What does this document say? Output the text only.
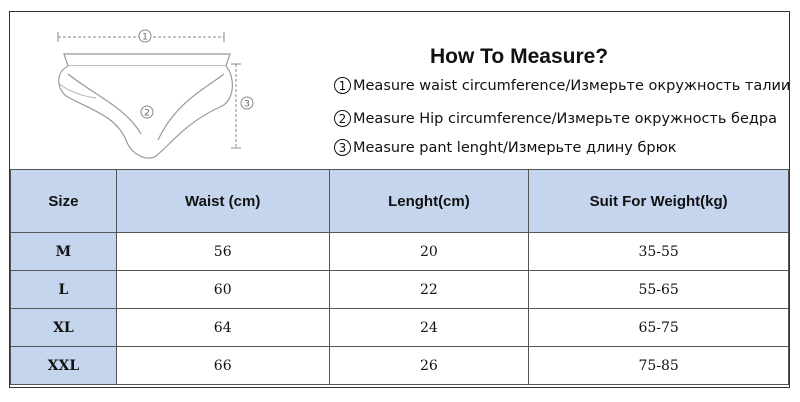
1
2
3
How To Measure?
1 Measure waist circumference/Измерьте окружность талии
2 Measure Hip circumference/Измерьте окружность бедра
3 Measure pant lenght/Измерьте длину брюк
Size	Waist (cm)	Lenght(cm)	Suit For Weight(kg)
M	56	20	35-55
L	60	22	55-65
XL	64	24	65-75
XXL	66	26	75-85
